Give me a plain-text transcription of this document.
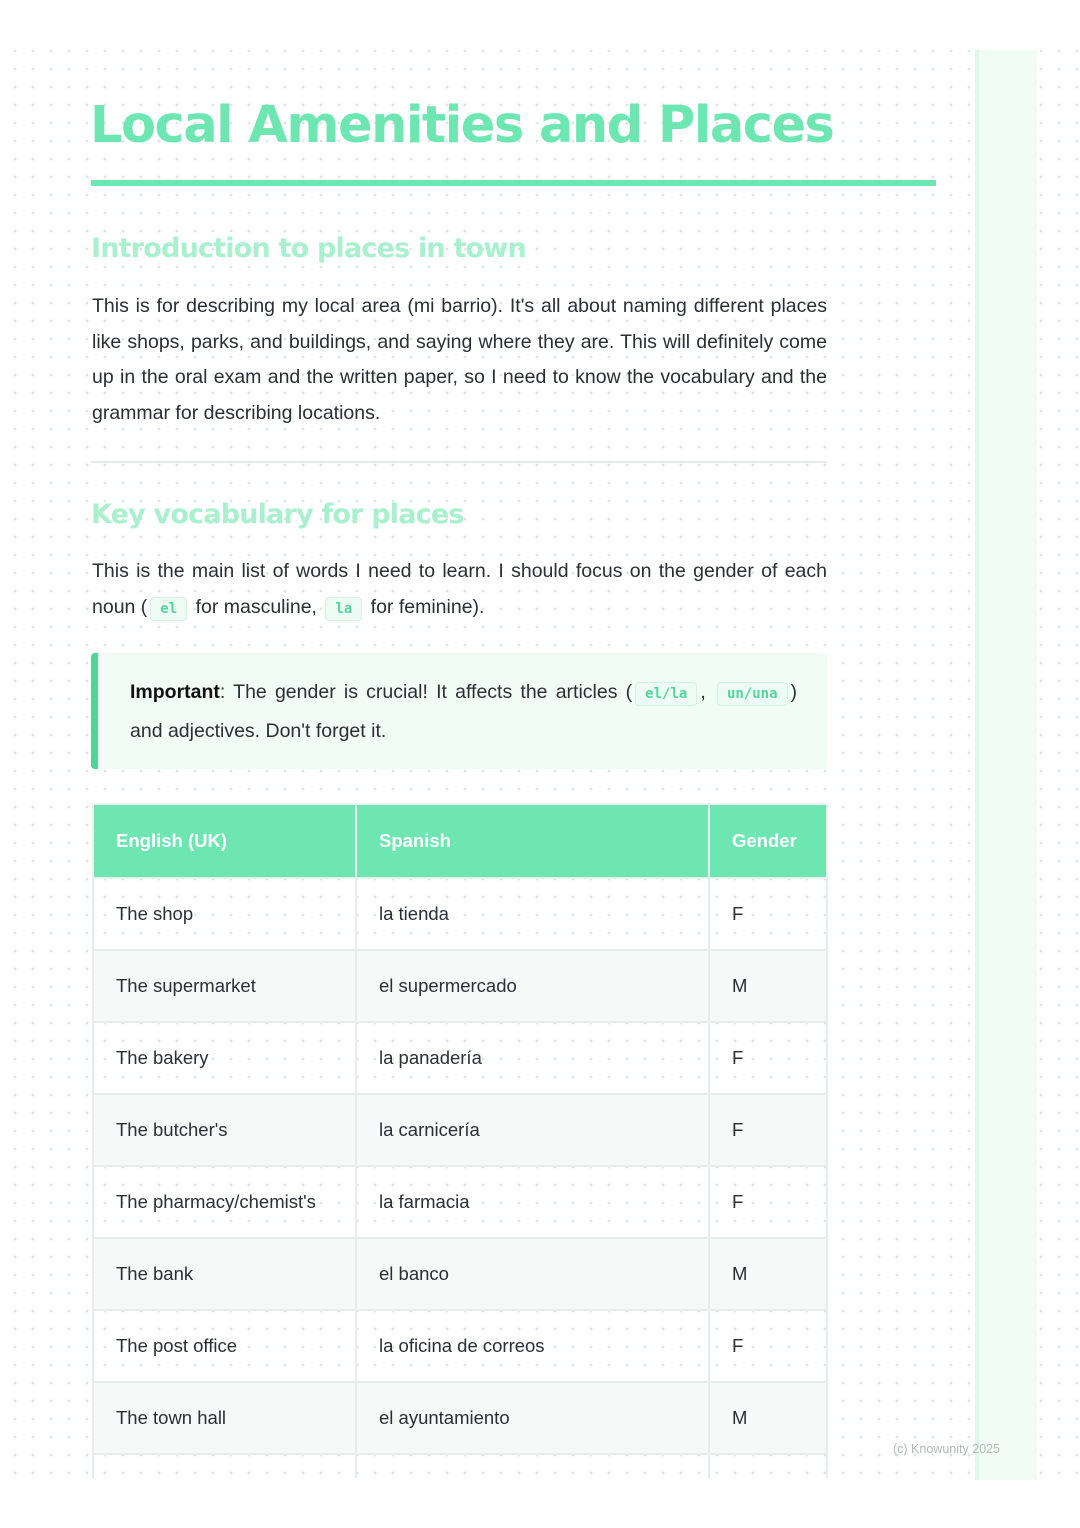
Local Amenities and Places
Introduction to places in town

This is for describing my local area (mi barrio). It's all about naming different places like shops, parks, and buildings, and saying where they are. This will definitely come up in the oral exam and the written paper, so I need to know the vocabulary and the grammar for describing locations.

Key vocabulary for places

This is the main list of words I need to learn. I should focus on the gender of each noun ( el for masculine, la for feminine).

Important: The gender is crucial! It affects the articles ( el/la , un/una ) and adjectives. Don't forget it.

English (UK)	Spanish	Gender
The shop	la tienda	F
The supermarket	el supermercado	M
The bakery	la panadería	F
The butcher's	la carnicería	F
The pharmacy/chemist's	la farmacia	F
The bank	el banco	M
The post office	la oficina de correos	F
The town hall	el ayuntamiento	M

(c) Knowunity 2025
